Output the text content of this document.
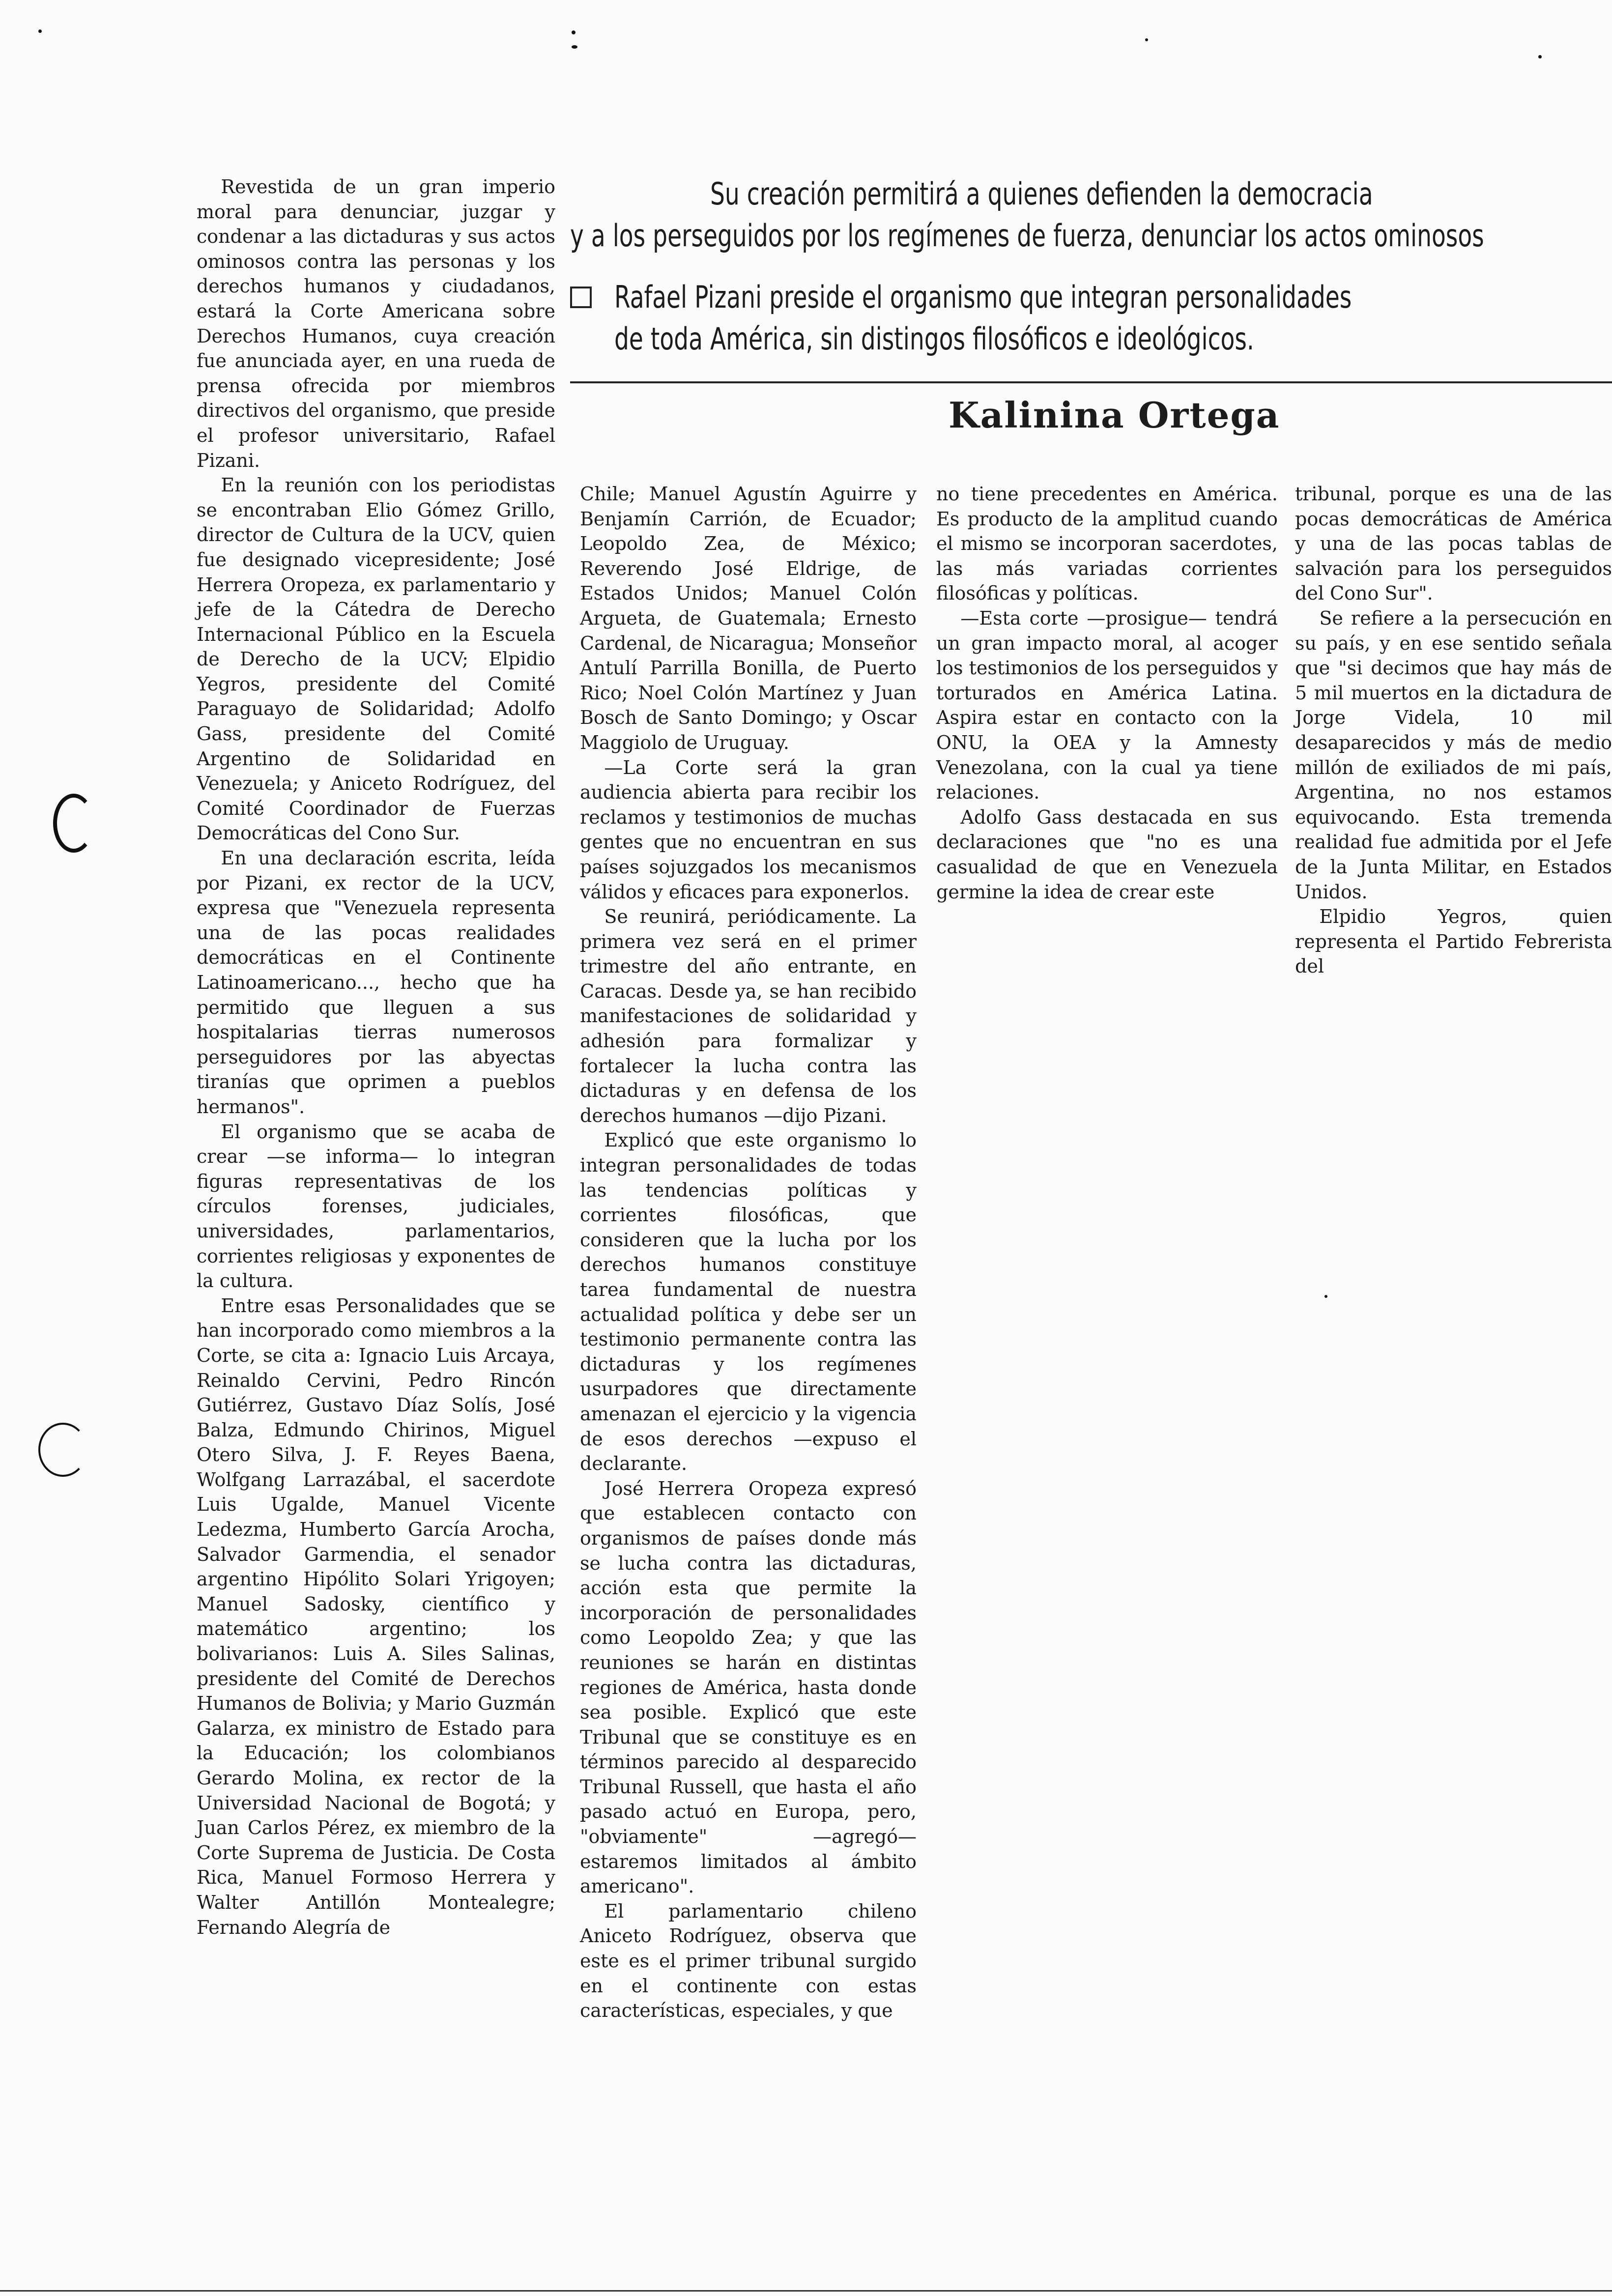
Su creación permitirá a quienes defienden la democracia
y a los perseguidos por los regímenes de fuerza, denunciar los actos ominosos
Rafael Pizani preside el organismo que integran personalidades
de toda América, sin distingos filosóficos e ideológicos.
Kalinina Ortega

Revestida de un gran imperio moral para denunciar, juzgar y condenar a las dictaduras y sus actos ominosos contra las personas y los derechos humanos y ciudadanos, estará la Corte Americana sobre Derechos Humanos, cuya creación fue anunciada ayer, en una rueda de prensa ofrecida por miembros directivos del organismo, que preside el profesor universitario, Rafael Pizani.

En la reunión con los periodistas se encontraban Elio Gómez Grillo, director de Cultura de la UCV, quien fue designado vicepresidente; José Herrera Oropeza, ex parlamentario y jefe de la Cátedra de Derecho Internacional Público en la Escuela de Derecho de la UCV; Elpidio Yegros, presidente del Comité Paraguayo de Solidaridad; Adolfo Gass, presidente del Comité Argentino de Solidaridad en Venezuela; y Aniceto Rodríguez, del Comité Coordinador de Fuerzas Democráticas del Cono Sur.

En una declaración escrita, leída por Pizani, ex rector de la UCV, expresa que "Venezuela representa una de las pocas realidades democráticas en el Continente Latinoamericano..., hecho que ha permitido que lleguen a sus hospitalarias tierras numerosos perseguidores por las abyectas tiranías que oprimen a pueblos hermanos".

El organismo que se acaba de crear —se informa— lo integran figuras representativas de los círculos forenses, judiciales, universidades, parlamentarios, corrientes religiosas y exponentes de la cultura.

Entre esas Personalidades que se han incorporado como miembros a la Corte, se cita a: Ignacio Luis Arcaya, Reinaldo Cervini, Pedro Rincón Gutiérrez, Gustavo Díaz Solís, José Balza, Edmundo Chirinos, Miguel Otero Silva, J. F. Reyes Baena, Wolfgang Larrazábal, el sacerdote Luis Ugalde, Manuel Vicente Ledezma, Humberto García Arocha, Salvador Garmendia, el senador argentino Hipólito Solari Yrigoyen; Manuel Sadosky, científico y matemático argentino; los bolivarianos: Luis A. Siles Salinas, presidente del Comité de Derechos Humanos de Bolivia; y Mario Guzmán Galarza, ex ministro de Estado para la Educación; los colombianos Gerardo Molina, ex rector de la Universidad Nacional de Bogotá; y Juan Carlos Pérez, ex miembro de la Corte Suprema de Justicia. De Costa Rica, Manuel Formoso Herrera y Walter Antillón Montealegre; Fernando Alegría de

Chile; Manuel Agustín Aguirre y Benjamín Carrión, de Ecuador; Leopoldo Zea, de México; Reverendo José Eldrige, de Estados Unidos; Manuel Colón Argueta, de Guatemala; Ernesto Cardenal, de Nicaragua; Monseñor Antulí Parrilla Bonilla, de Puerto Rico; Noel Colón Martínez y Juan Bosch de Santo Domingo; y Oscar Maggiolo de Uruguay.

—La Corte será la gran audiencia abierta para recibir los reclamos y testimonios de muchas gentes que no encuentran en sus países sojuzgados los mecanismos válidos y eficaces para exponerlos.

Se reunirá, periódicamente. La primera vez será en el primer trimestre del año entrante, en Caracas. Desde ya, se han recibido manifestaciones de solidaridad y adhesión para formalizar y fortalecer la lucha contra las dictaduras y en defensa de los derechos humanos —dijo Pizani.

Explicó que este organismo lo integran personalidades de todas las tendencias políticas y corrientes filosóficas, que consideren que la lucha por los derechos humanos constituye tarea fundamental de nuestra actualidad política y debe ser un testimonio permanente contra las dictaduras y los regímenes usurpadores que directamente amenazan el ejercicio y la vigencia de esos derechos —expuso el declarante.

José Herrera Oropeza expresó que establecen contacto con organismos de países donde más se lucha contra las dictaduras, acción esta que permite la incorporación de personalidades como Leopoldo Zea; y que las reuniones se harán en distintas regiones de América, hasta donde sea posible. Explicó que este Tribunal que se constituye es en términos parecido al desparecido Tribunal Russell, que hasta el año pasado actuó en Europa, pero, "obviamente" —agregó— estaremos limitados al ámbito americano".

El parlamentario chileno Aniceto Rodríguez, observa que este es el primer tribunal surgido en el continente con estas características, especiales, y que

no tiene precedentes en América. Es producto de la amplitud cuando el mismo se incorporan sacerdotes, las más variadas corrientes filosóficas y políticas.

—Esta corte —prosigue— tendrá un gran impacto moral, al acoger los testimonios de los perseguidos y torturados en América Latina. Aspira estar en contacto con la ONU, la OEA y la Amnesty Venezolana, con la cual ya tiene relaciones.

Adolfo Gass destacada en sus declaraciones que "no es una casualidad de que en Venezuela germine la idea de crear este

tribunal, porque es una de las pocas democráticas de América y una de las pocas tablas de salvación para los perseguidos del Cono Sur".

Se refiere a la persecución en su país, y en ese sentido señala que "si decimos que hay más de 5 mil muertos en la dictadura de Jorge Videla, 10 mil desaparecidos y más de medio millón de exiliados de mi país, Argentina, no nos estamos equivocando. Esta tremenda realidad fue admitida por el Jefe de la Junta Militar, en Estados Unidos.

Elpidio Yegros, quien representa el Partido Febrerista del
